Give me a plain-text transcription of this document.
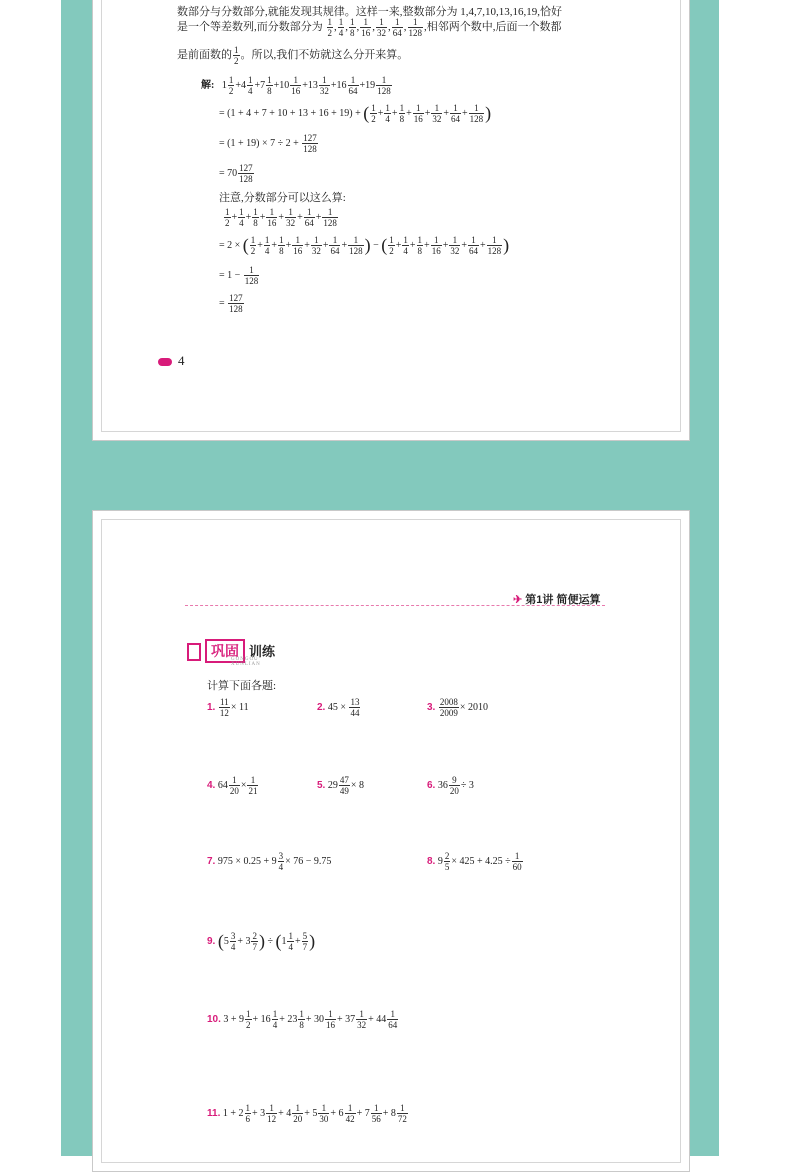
数部分与分数部分,就能发现其规律。这样一来,整数部分为 1,4,7,10,13,16,19,恰好
是一个等差数列,而分数部分为 $\frac{1}{2}$ , $\frac{1}{4}$ , $\frac{1}{8}$ , $\frac{1}{16}$ , $\frac{1}{32}$ , $\frac{1}{64}$ , $\frac{1}{128}$ ,相邻两个数中,后面一个数都
是前面数的 $\frac{1}{2}$ 。所以,我们不妨就这么分开来算。
解:   $1 \frac{1}{2} +4 \frac{1}{4} +7 \frac{1}{8} +10 \frac{1}{16} +13 \frac{1}{32} +16 \frac{1}{64} +19 \frac{1}{128}$
= (1 + 4 + 7 + 10 + 13 + 16 + 19) + ( $\frac{1}{2} + \frac{1}{4} + \frac{1}{8} + \frac{1}{16} + \frac{1}{32} + \frac{1}{64} + \frac{1}{128}$ )
= $(1 + 19) \times 7 \div 2 + \frac{127}{128}$
= $70 \frac{127}{128}$
注意,分数部分可以这么算:
$\frac{1}{2} + \frac{1}{4} + \frac{1}{8} + \frac{1}{16} + \frac{1}{32} + \frac{1}{64} + \frac{1}{128}$
= 2 × ( $\frac{1}{2} + \frac{1}{4} + \frac{1}{8} + \frac{1}{16} + \frac{1}{32} + \frac{1}{64} + \frac{1}{128}$ ) − ( $\frac{1}{2} + \frac{1}{4} + \frac{1}{8} + \frac{1}{16} + \frac{1}{32} + \frac{1}{64} + \frac{1}{128}$ )
= $1 - \frac{1}{128}$
= $\frac{127}{128}$
4
✈ 第1讲 简便运算
巩固 训练
GONGGU XUNLIAN
计算下面各题:
1. $\frac{11}{12} \times 11$	2. $45 \times \frac{13}{44}$	3. $\frac{2008}{2009} \times 2010$
4. $64 \frac{1}{20} \times \frac{1}{21}$	5. $29 \frac{47}{49} \times 8$	6. $36 \frac{9}{20} \div 3$
7. $975 \times 0.25 + 9 \frac{3}{4} \times 76 - 9.75$	8. $9 \frac{2}{5} \times 425 + 4.25 \div \frac{1}{60}$
9. ($5 \frac{3}{4} + 3 \frac{2}{7}$ ) ÷ ($1 \frac{1}{4} + \frac{5}{7}$ )
10. $3 + 9 \frac{1}{2} + 16 \frac{1}{4} + 23 \frac{1}{8} + 30 \frac{1}{16} + 37 \frac{1}{32} + 44 \frac{1}{64}$
11. $1 + 2 \frac{1}{6} + 3 \frac{1}{12} + 4 \frac{1}{20} + 5 \frac{1}{30} + 6 \frac{1}{42} + 7 \frac{1}{56} + 8 \frac{1}{72}$
